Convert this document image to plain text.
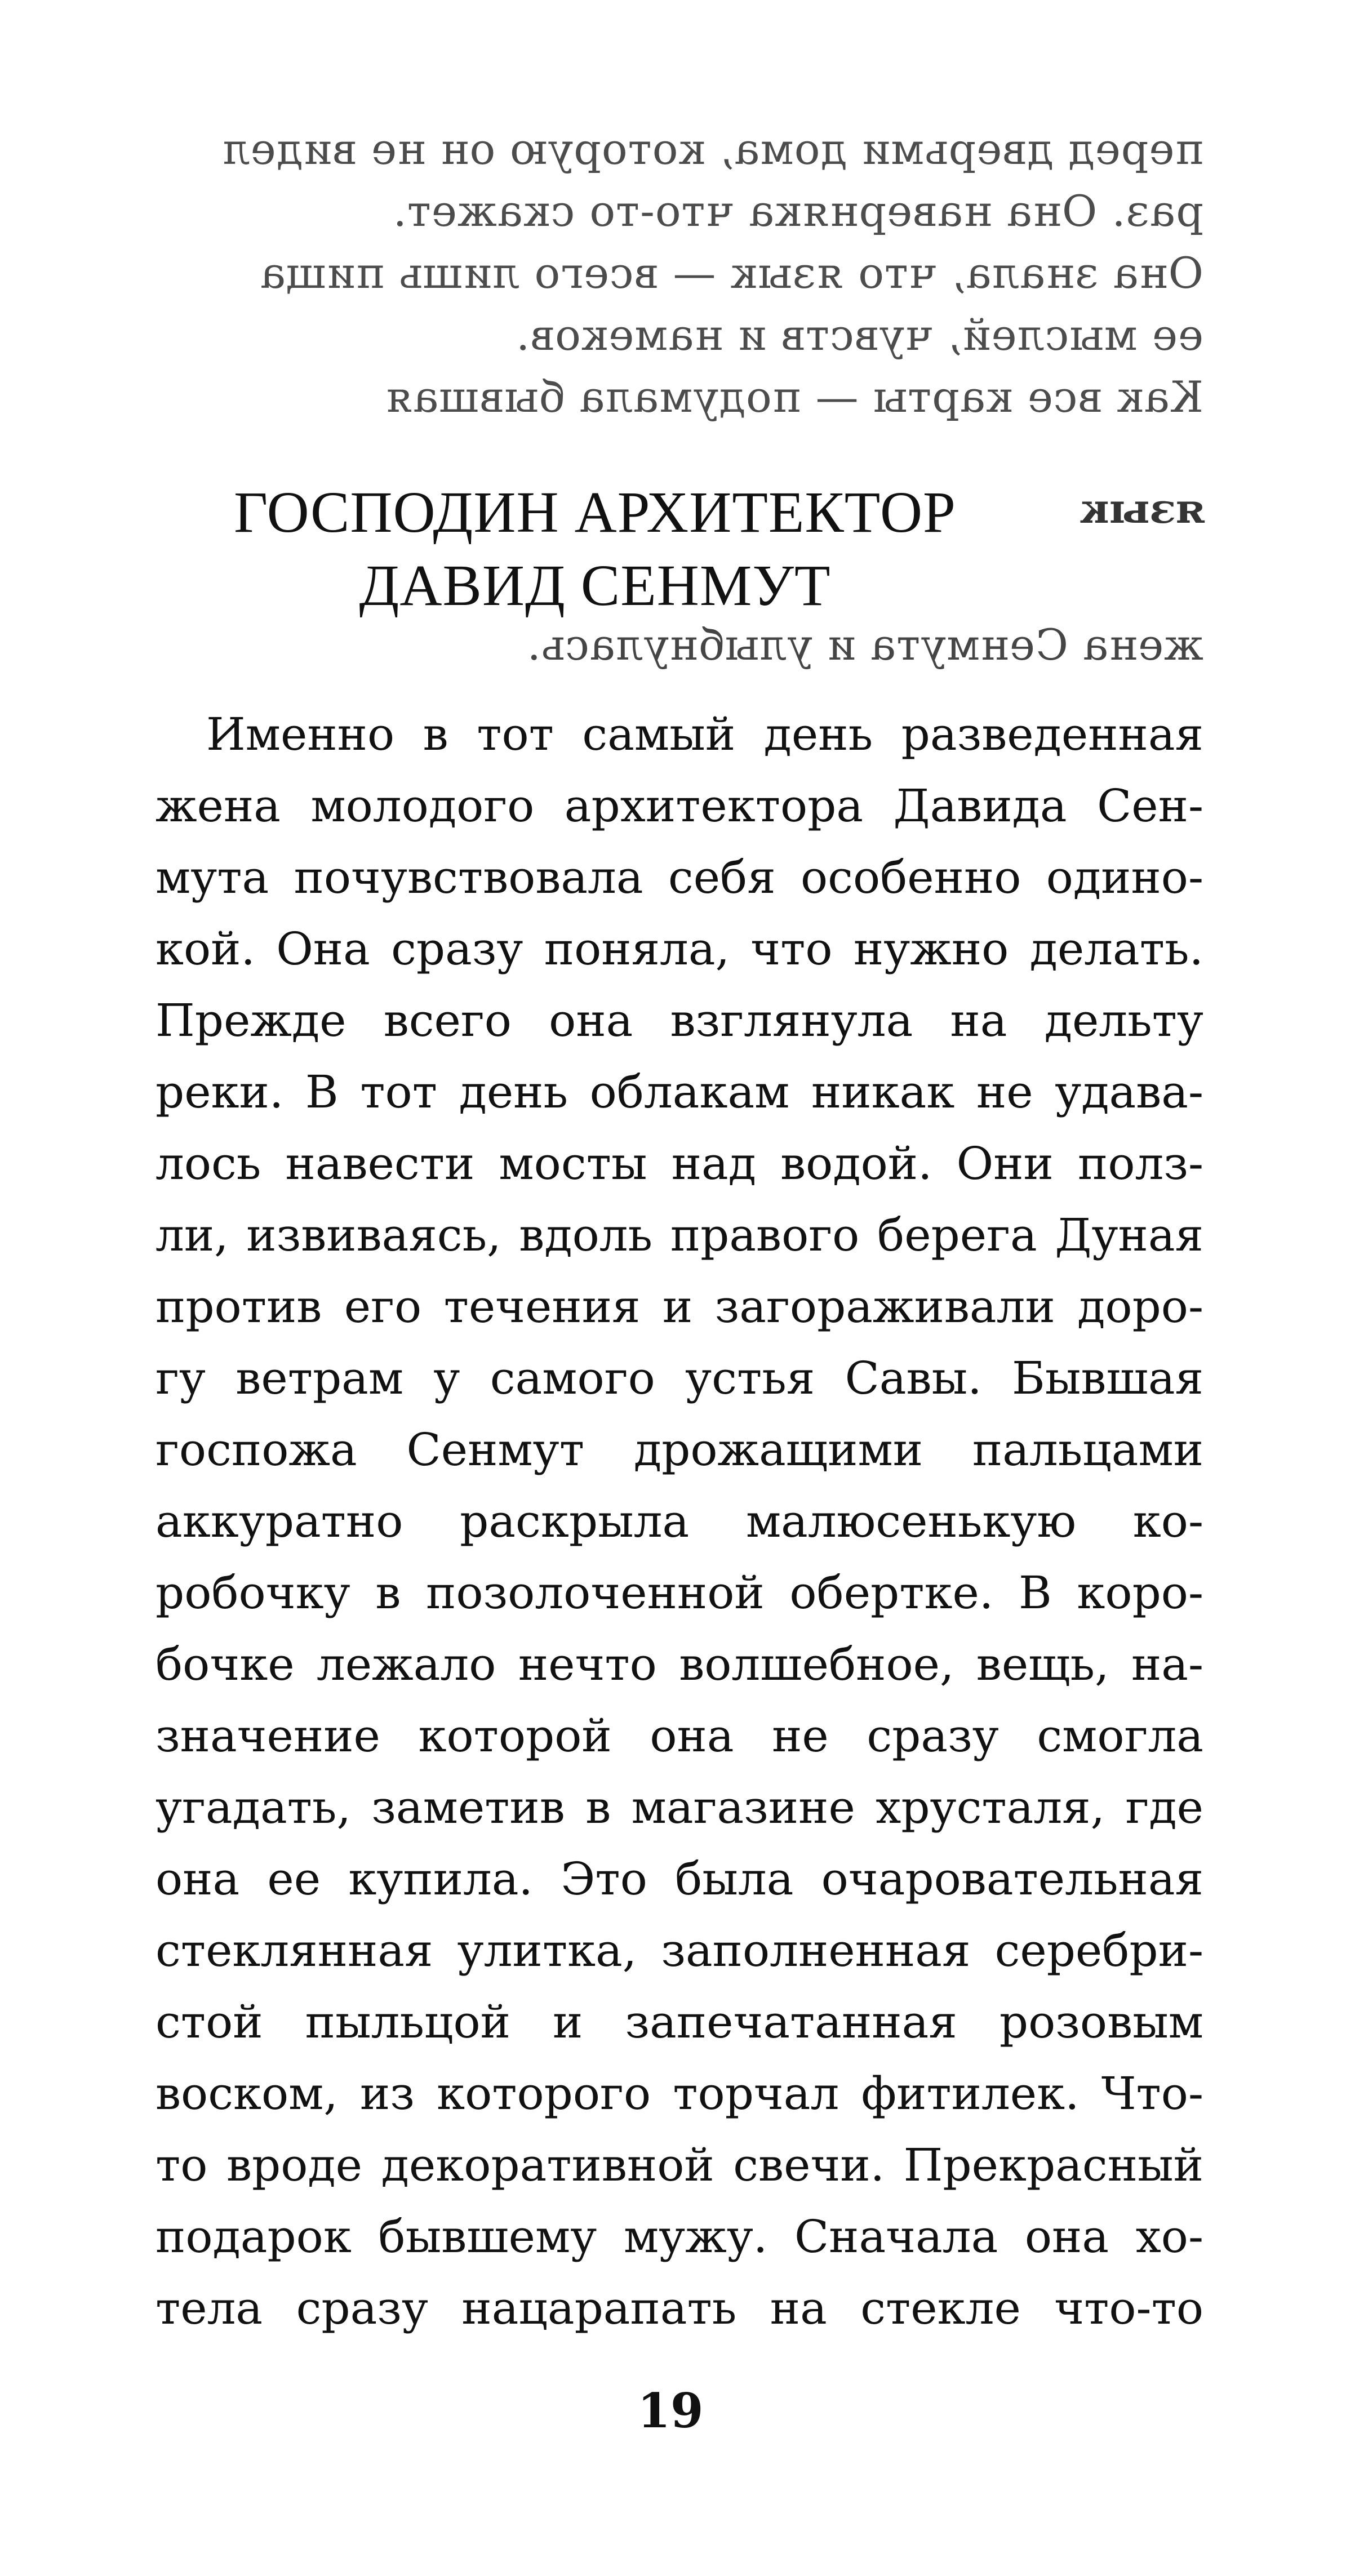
перед дверьми дома, которую он не видел
раз. Она наверняка что-то скажет.
Она знала, что язык — всего лишь пища
ее мыслей, чувств и намеков.
Как все карты — подумала бывшая
язык
ГОСПОДИН АРХИТЕКТОР
ДАВИД СЕНМУТ
жена Сенмута и улыбнулась.

Именно в тот самый день разведенная
жена молодого архитектора Давида Сен-
мута почувствовала себя особенно одино-
кой. Она сразу поняла, что нужно делать.
Прежде всего она взглянула на дельту
реки. В тот день облакам никак не удава-
лось навести мосты над водой. Они полз-
ли, извиваясь, вдоль правого берега Дуная
против его течения и загораживали доро-
гу ветрам у самого устья Савы. Бывшая
госпожа Сенмут дрожащими пальцами
аккуратно раскрыла малюсенькую ко-
робочку в позолоченной обертке. В коро-
бочке лежало нечто волшебное, вещь, на-
значение которой она не сразу смогла
угадать, заметив в магазине хрусталя, где
она ее купила. Это была очаровательная
стеклянная улитка, заполненная серебри-
стой пыльцой и запечатанная розовым
воском, из которого торчал фитилек. Что-
то вроде декоративной свечи. Прекрасный
подарок бывшему мужу. Сначала она хо-
тела сразу нацарапать на стекле что-то

19
